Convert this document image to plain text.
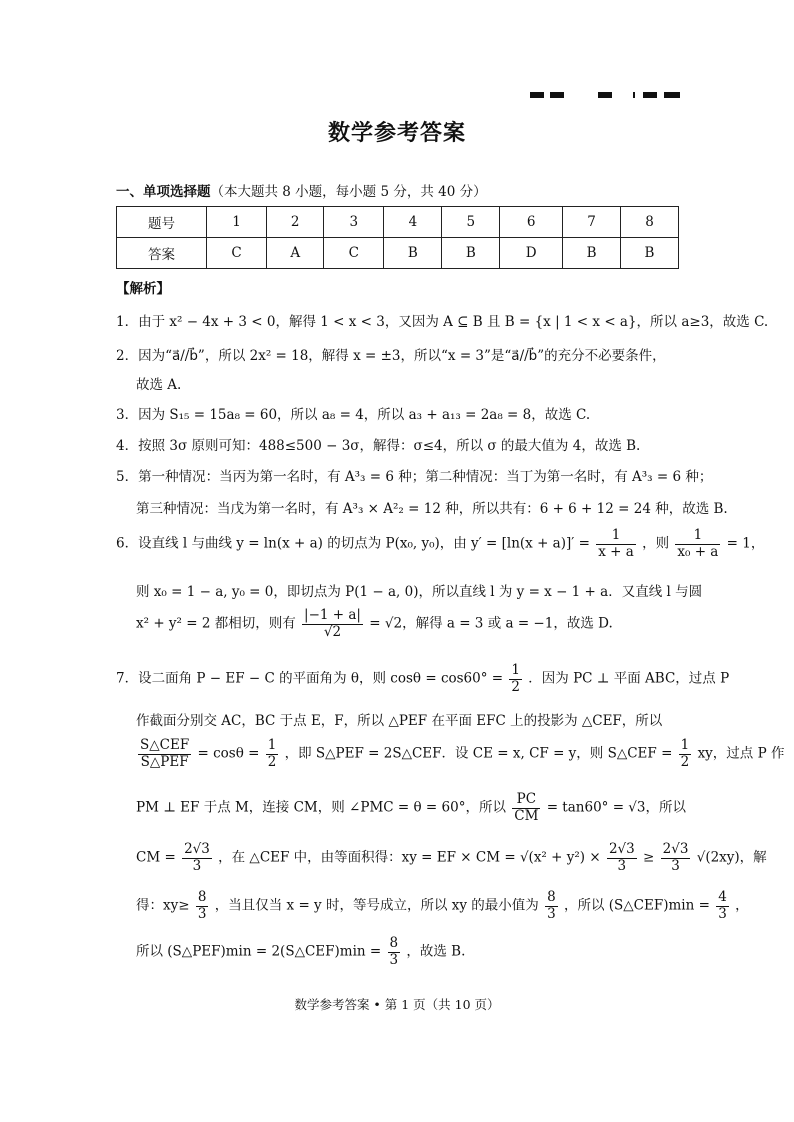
数学参考答案
一、单项选择题（本大题共 8 小题，每小题 5 分，共 40 分）
题号	1	2	3	4	5	6	7	8
答案	C	A	C	B	B	D	B	B
【解析】
1．由于 x² − 4x + 3 < 0，解得 1 < x < 3，又因为 A ⊆ B 且 B = {x | 1 < x < a}，所以 a≥3，故选 C.
2．因为“a⃗//b⃗”，所以 2x² = 18，解得 x = ±3，所以“x = 3”是“a⃗//b⃗”的充分不必要条件，
故选 A.
3．因为 S₁₅ = 15a₈ = 60，所以 a₈ = 4，所以 a₃ + a₁₃ = 2a₈ = 8，故选 C.
4．按照 3σ 原则可知：488≤500 − 3σ，解得：σ≤4，所以 σ 的最大值为 4，故选 B.
5．第一种情况：当丙为第一名时，有 A³₃ = 6 种；第二种情况：当丁为第一名时，有 A³₃ = 6 种；
第三种情况：当戊为第一名时，有 A³₃ × A²₂ = 12 种，所以共有：6 + 6 + 12 = 24 种，故选 B.
6．设直线 l 与曲线 y = ln(x + a) 的切点为 P(x₀, y₀)，由 $y' = [\ln(x + a)]' = \frac{1}{x + a}$ ，则 $\frac{1}{\text{x₀ + a}} = 1$，
则 x₀ = 1 − a, y₀ = 0，即切点为 P(1 − a, 0)，所以直线 l 为 y = x − 1 + a．又直线 l 与圆
x² + y² = 2 都相切，则有 $\frac{|-1 + a|}{√2} = √2$，解得 a = 3 或 a = −1，故选 D.
7．设二面角 P − EF − C 的平面角为 θ，则 $\cos\theta = \cos 60^\circ = \frac{1}{2}$ ．因为 PC ⊥ 平面 ABC，过点 P
作截面分别交 AC，BC 于点 E，F，所以 △PEF 在平面 EFC 上的投影为 △CEF，所以
$\frac{\text{S△CEF}}{\text{S△PEF}} = \cos\theta = \frac{1}{2}$ ，即 S△PEF = 2S△CEF．设 CE = x, CF = y，则 S△CEF = $\frac{1}{2}$ xy，过点 P 作
PM ⊥ EF 于点 M，连接 CM，则 ∠PMC = θ = 60°，所以 $\frac{PC}{CM} = \tan 60^\circ = √3$，所以
CM = $\frac{2√3}{3}$ ，在 △CEF 中，由等面积得：xy = EF × CM = $√(x^2 + y^2) \times \frac{2√3}{3} \ge \frac{2√3}{3} √(2xy)$，解
得：$xy\ge \frac{8}{3}$ ，当且仅当 x = y 时，等号成立，所以 xy 的最小值为 $\frac{8}{3}$ ，所以 (S△CEF)min = $\frac{4}{3}$ ，
所以 (S△PEF)min = 2(S△CEF)min = $\frac{8}{3}$ ，故选 B.
数学参考答案 • 第 1 页（共 10 页）
